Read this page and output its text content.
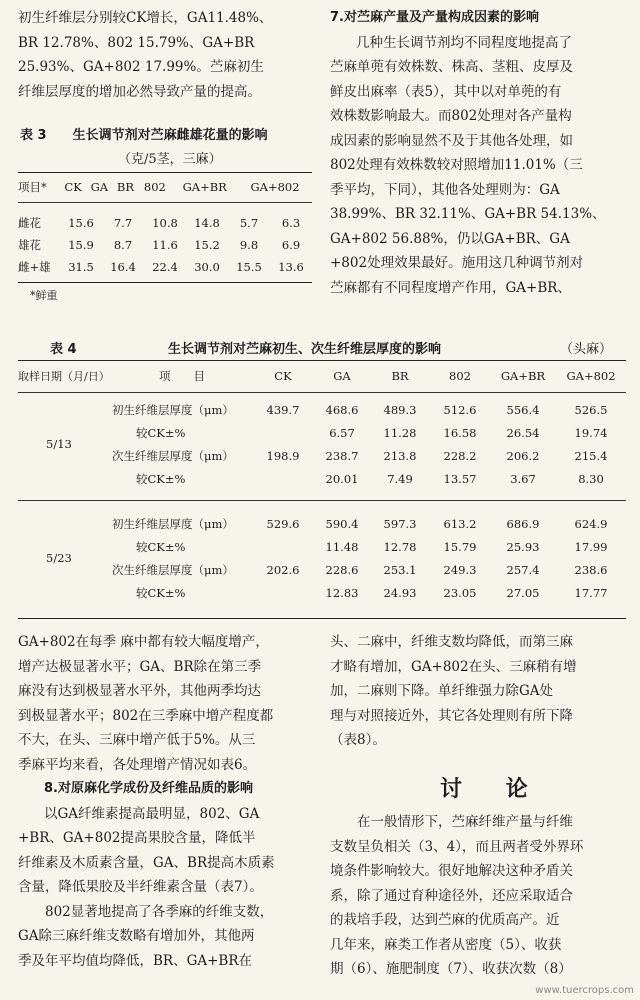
初生纤维层分别较CK增长，GA11.48%、

BR 12.78%、802 15.79%、GA+BR

25.93%、GA+802 17.99%。苎麻初生

纤维层厚度的增加必然导致产量的提高。

表 3　　生长调节剂对苎麻雌雄花量的影响
（克/5茎，三麻）
项目*	CK	GA	BR	802	GA+BR	GA+802
雌花	15.6	7.7	10.8	14.8	5.7	6.3
雄花	15.9	8.7	11.6	15.2	9.8	6.9
雌+雄	31.5	16.4	22.4	30.0	15.5	13.6
*鲜重

7.对苎麻产量及产量构成因素的影响

几种生长调节剂均不同程度地提高了

苎麻单蔸有效株数、株高、茎粗、皮厚及

鲜皮出麻率（表5），其中以对单蔸的有

效株数影响最大。而802处理对各产量构

成因素的影响显然不及于其他各处理，如

802处理有效株数较对照增加11.01%（三

季平均，下同），其他各处理则为：GA

38.99%、BR 32.11%、GA+BR 54.13%、

GA+802 56.88%，仍以GA+BR、GA

+802处理效果最好。施用这几种调节剂对

苎麻都有不同程度增产作用，GA+BR、

表 4	生长调节剂对苎麻初生、次生纤维层厚度的影响	（头麻）
取样日期（月/日）	项　　目	CK	GA	BR	802	GA+BR	GA+802
5/13	初生纤维层厚度（μm）	439.7	468.6	489.3	512.6	556.4	526.5
	较CK±%		6.57	11.28	16.58	26.54	19.74
	次生纤维层厚度（μm）	198.9	238.7	213.8	228.2	206.2	215.4
	较CK±%		20.01	7.49	13.57	3.67	8.30
5/23	初生纤维层厚度（μm）	529.6	590.4	597.3	613.2	686.9	624.9
	较CK±%		11.48	12.78	15.79	25.93	17.99
	次生纤维层厚度（μm）	202.6	228.6	253.1	249.3	257.4	238.6
	较CK±%		12.83	24.93	23.05	27.05	17.77

GA+802在每季 麻中都有较大幅度增产，

增产达极显著水平；GA、BR除在第三季

麻没有达到极显著水平外，其他两季均达

到极显著水平；802在三季麻中增产程度都

不大，在头、三麻中增产低于5%。从三

季麻平均来看，各处理增产情况如表6。

8.对原麻化学成份及纤维品质的影响

以GA纤维素提高最明显，802、GA

+BR、GA+802提高果胶含量，降低半

纤维素及木质素含量，GA、BR提高木质素

含量，降低果胶及半纤维素含量（表7）。

　　802显著地提高了各季麻的纤维支数，

GA除三麻纤维支数略有增加外，其他两

季及年平均值均降低，BR、GA+BR在

头、二麻中，纤维支数均降低，而第三麻

才略有增加，GA+802在头、三麻稍有增

加，二麻则下降。单纤维强力除GA处

理与对照接近外，其它各处理则有所下降

（表8）。

讨 论

　　在一般情形下，苎麻纤维产量与纤维

支数呈负相关（3、4），而且两者受外界环

境条件影响较大。很好地解决这种矛盾关

系，除了通过育种途径外，还应采取适合

的栽培手段，达到苎麻的优质高产。近

几年来，麻类工作者从密度（5）、收获

期（6）、施肥制度（7）、收获次数（8）

www.tuercrops.com
